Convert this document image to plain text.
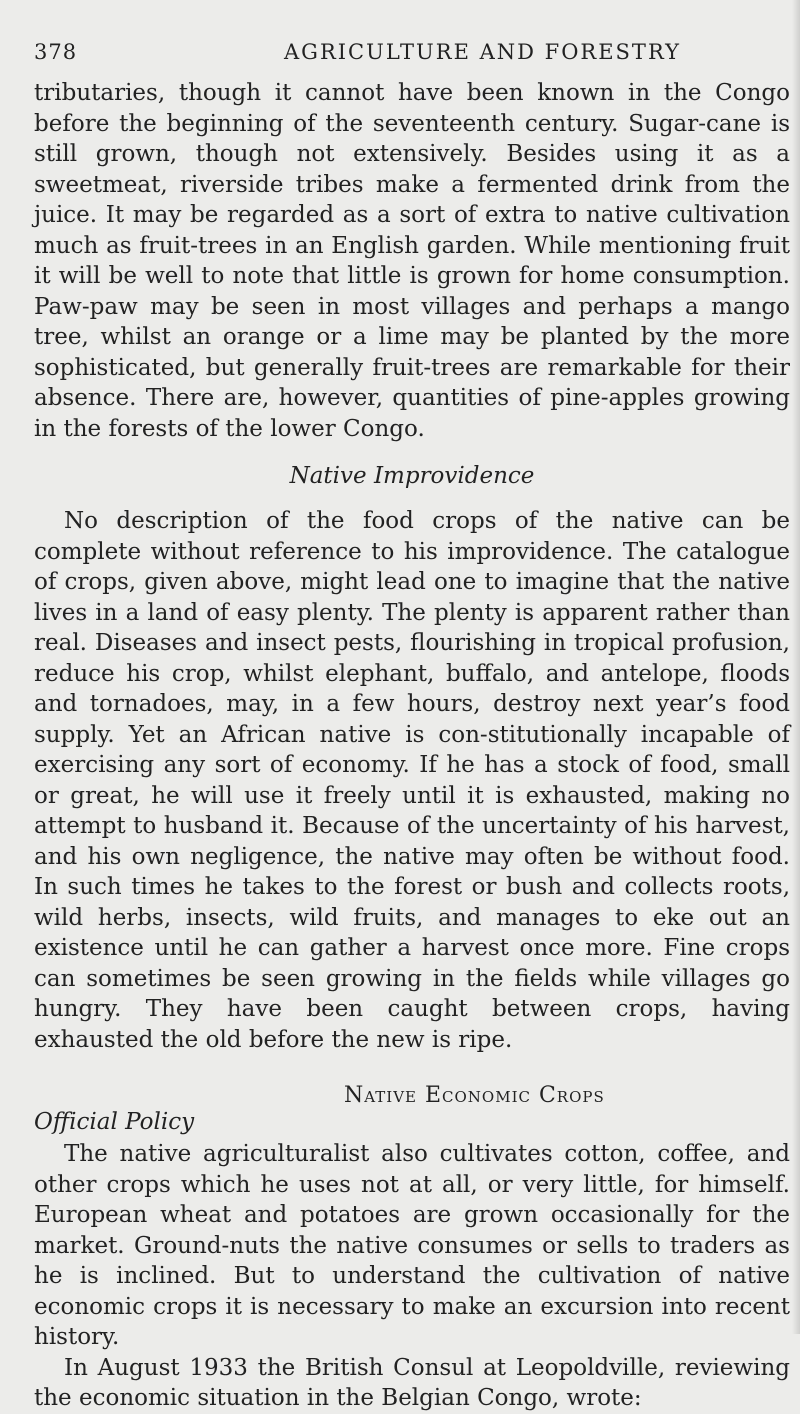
378	AGRICULTURE AND FORESTRY

tributaries, though it cannot have been known in the Congo before the beginning of the seventeenth century. Sugar-cane is still grown, though not extensively. Besides using it as a sweetmeat, riverside tribes make a fermented drink from the juice. It may be regarded as a sort of extra to native cultivation much as fruit-trees in an English garden. While mentioning fruit it will be well to note that little is grown for home consumption. Paw-paw may be seen in most villages and perhaps a mango tree, whilst an orange or a lime may be planted by the more sophisticated, but generally fruit-trees are remarkable for their absence. There are, however, quantities of pine-apples growing in the forests of the lower Congo.

Native Improvidence

No description of the food crops of the native can be complete without reference to his improvidence. The catalogue of crops, given above, might lead one to imagine that the native lives in a land of easy plenty. The plenty is apparent rather than real. Diseases and insect pests, flourishing in tropical profusion, reduce his crop, whilst elephant, buffalo, and antelope, floods and tornadoes, may, in a few hours, destroy next year’s food supply. Yet an African native is con-stitutionally incapable of exercising any sort of economy. If he has a stock of food, small or great, he will use it freely until it is exhausted, making no attempt to husband it. Because of the uncertainty of his harvest, and his own negligence, the native may often be without food. In such times he takes to the forest or bush and collects roots, wild herbs, insects, wild fruits, and manages to eke out an existence until he can gather a harvest once more. Fine crops can sometimes be seen growing in the fields while villages go hungry. They have been caught between crops, having exhausted the old before the new is ripe.

Native Economic Crops
Official Policy

The native agriculturalist also cultivates cotton, coffee, and other crops which he uses not at all, or very little, for himself. European wheat and potatoes are grown occasionally for the market. Ground-nuts the native consumes or sells to traders as he is inclined. But to understand the cultivation of native economic crops it is necessary to make an excursion into recent history.

In August 1933 the British Consul at Leopoldville, reviewing the economic situation in the Belgian Congo, wrote:
